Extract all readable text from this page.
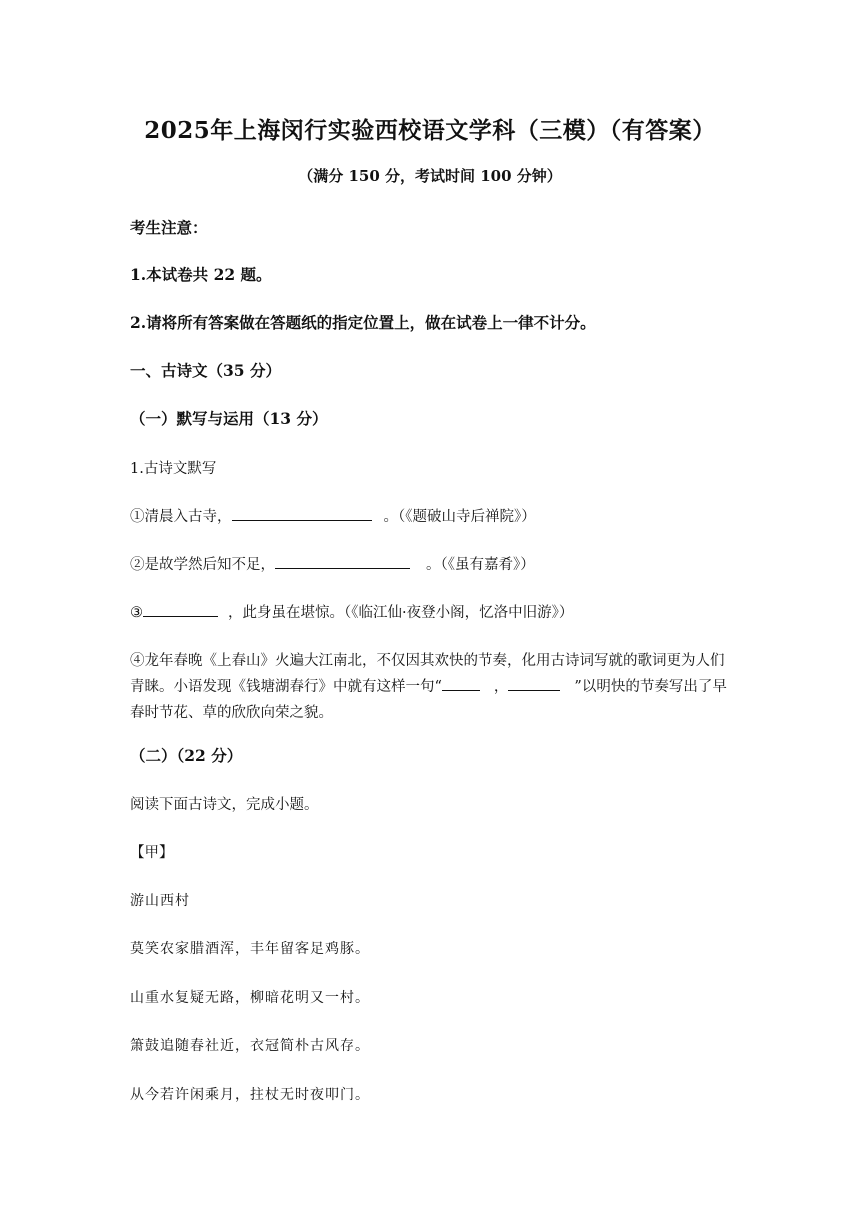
2025年上海闵行实验西校语文学科（三模）（有答案）
（满分 150 分，考试时间 100 分钟）
考生注意：
1.本试卷共 22 题。
2.请将所有答案做在答题纸的指定位置上，做在试卷上一律不计分。
一、古诗文（35 分）
（一）默写与运用（13 分）
1.古诗文默写
①清晨入古寺，	。（《题破山寺后禅院》）
②是故学然后知不足，	。（《虽有嘉肴》）
③	，此身虽在堪惊。（《临江仙·夜登小阁，忆洛中旧游》）
④龙年春晚《上春山》火遍大江南北，不仅因其欢快的节奏，化用古诗词写就的歌词更为人们青睐。小语发现《钱塘湖春行》中就有这样一句“	，	”以明快的节奏写出了早春时节花、草的欣欣向荣之貌。
（二）（22 分）
阅读下面古诗文，完成小题。
【甲】
游山西村
莫笑农家腊酒浑，丰年留客足鸡豚。
山重水复疑无路，柳暗花明又一村。
箫鼓追随春社近，衣冠简朴古风存。
从今若许闲乘月，拄杖无时夜叩门。
